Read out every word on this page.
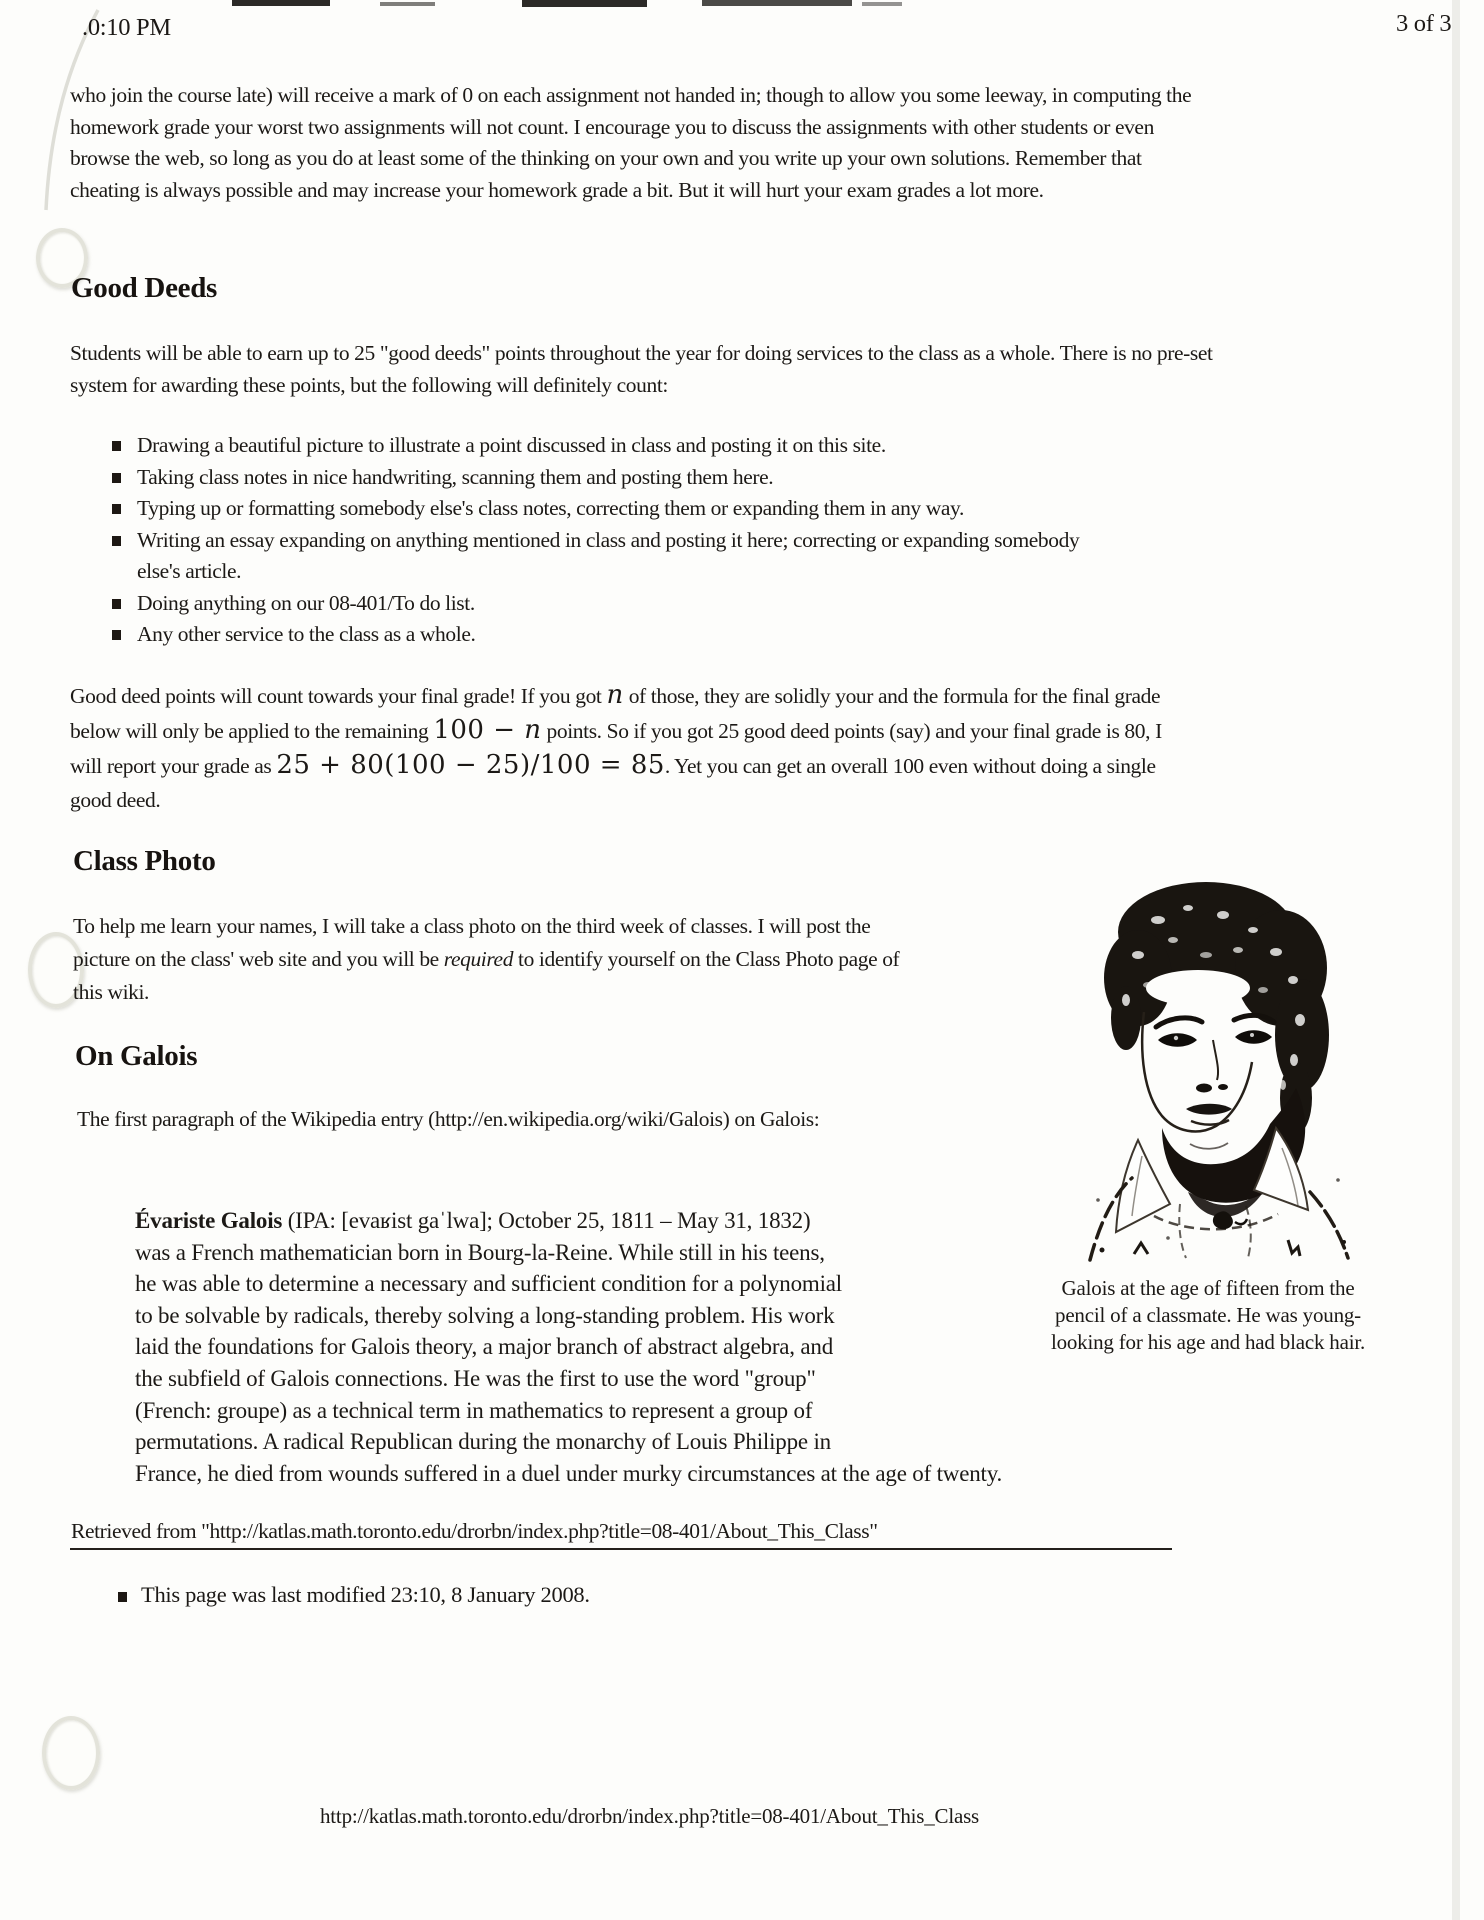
.0:10 PM	3 of 3
who join the course late) will receive a mark of 0 on each assignment not handed in; though to allow you some leeway, in computing the homework grade your worst two assignments will not count. I encourage you to discuss the assignments with other students or even browse the web, so long as you do at least some of the thinking on your own and you write up your own solutions. Remember that cheating is always possible and may increase your homework grade a bit. But it will hurt your exam grades a lot more.
Good Deeds
Students will be able to earn up to 25 "good deeds" points throughout the year for doing services to the class as a whole. There is no pre-set system for awarding these points, but the following will definitely count:
Drawing a beautiful picture to illustrate a point discussed in class and posting it on this site.
Taking class notes in nice handwriting, scanning them and posting them here.
Typing up or formatting somebody else's class notes, correcting them or expanding them in any way.
Writing an essay expanding on anything mentioned in class and posting it here; correcting or expanding somebody else's article.
Doing anything on our 08-401/To do list.
Any other service to the class as a whole.
Good deed points will count towards your final grade! If you got n of those, they are solidly your and the formula for the final grade below will only be applied to the remaining 100 − n points. So if you got 25 good deed points (say) and your final grade is 80, I will report your grade as 25 + 80(100 − 25)/100 = 85. Yet you can get an overall 100 even without doing a single good deed.
Class Photo
To help me learn your names, I will take a class photo on the third week of classes. I will post the picture on the class' web site and you will be required to identify yourself on the Class Photo page of this wiki.
On Galois
The first paragraph of the Wikipedia entry (http://en.wikipedia.org/wiki/Galois) on Galois:
Galois at the age of fifteen from the pencil of a classmate. He was young-looking for his age and had black hair.
Évariste Galois (IPA: [evaʁist gaˈlwa]; October 25, 1811 – May 31, 1832)
was a French mathematician born in Bourg-la-Reine. While still in his teens,
he was able to determine a necessary and sufficient condition for a polynomial
to be solvable by radicals, thereby solving a long-standing problem. His work
laid the foundations for Galois theory, a major branch of abstract algebra, and
the subfield of Galois connections. He was the first to use the word "group"
(French: groupe) as a technical term in mathematics to represent a group of
permutations. A radical Republican during the monarchy of Louis Philippe in
France, he died from wounds suffered in a duel under murky circumstances at the age of twenty.
Retrieved from "http://katlas.math.toronto.edu/drorbn/index.php?title=08-401/About_This_Class"
This page was last modified 23:10, 8 January 2008.
http://katlas.math.toronto.edu/drorbn/index.php?title=08-401/About_This_Class
